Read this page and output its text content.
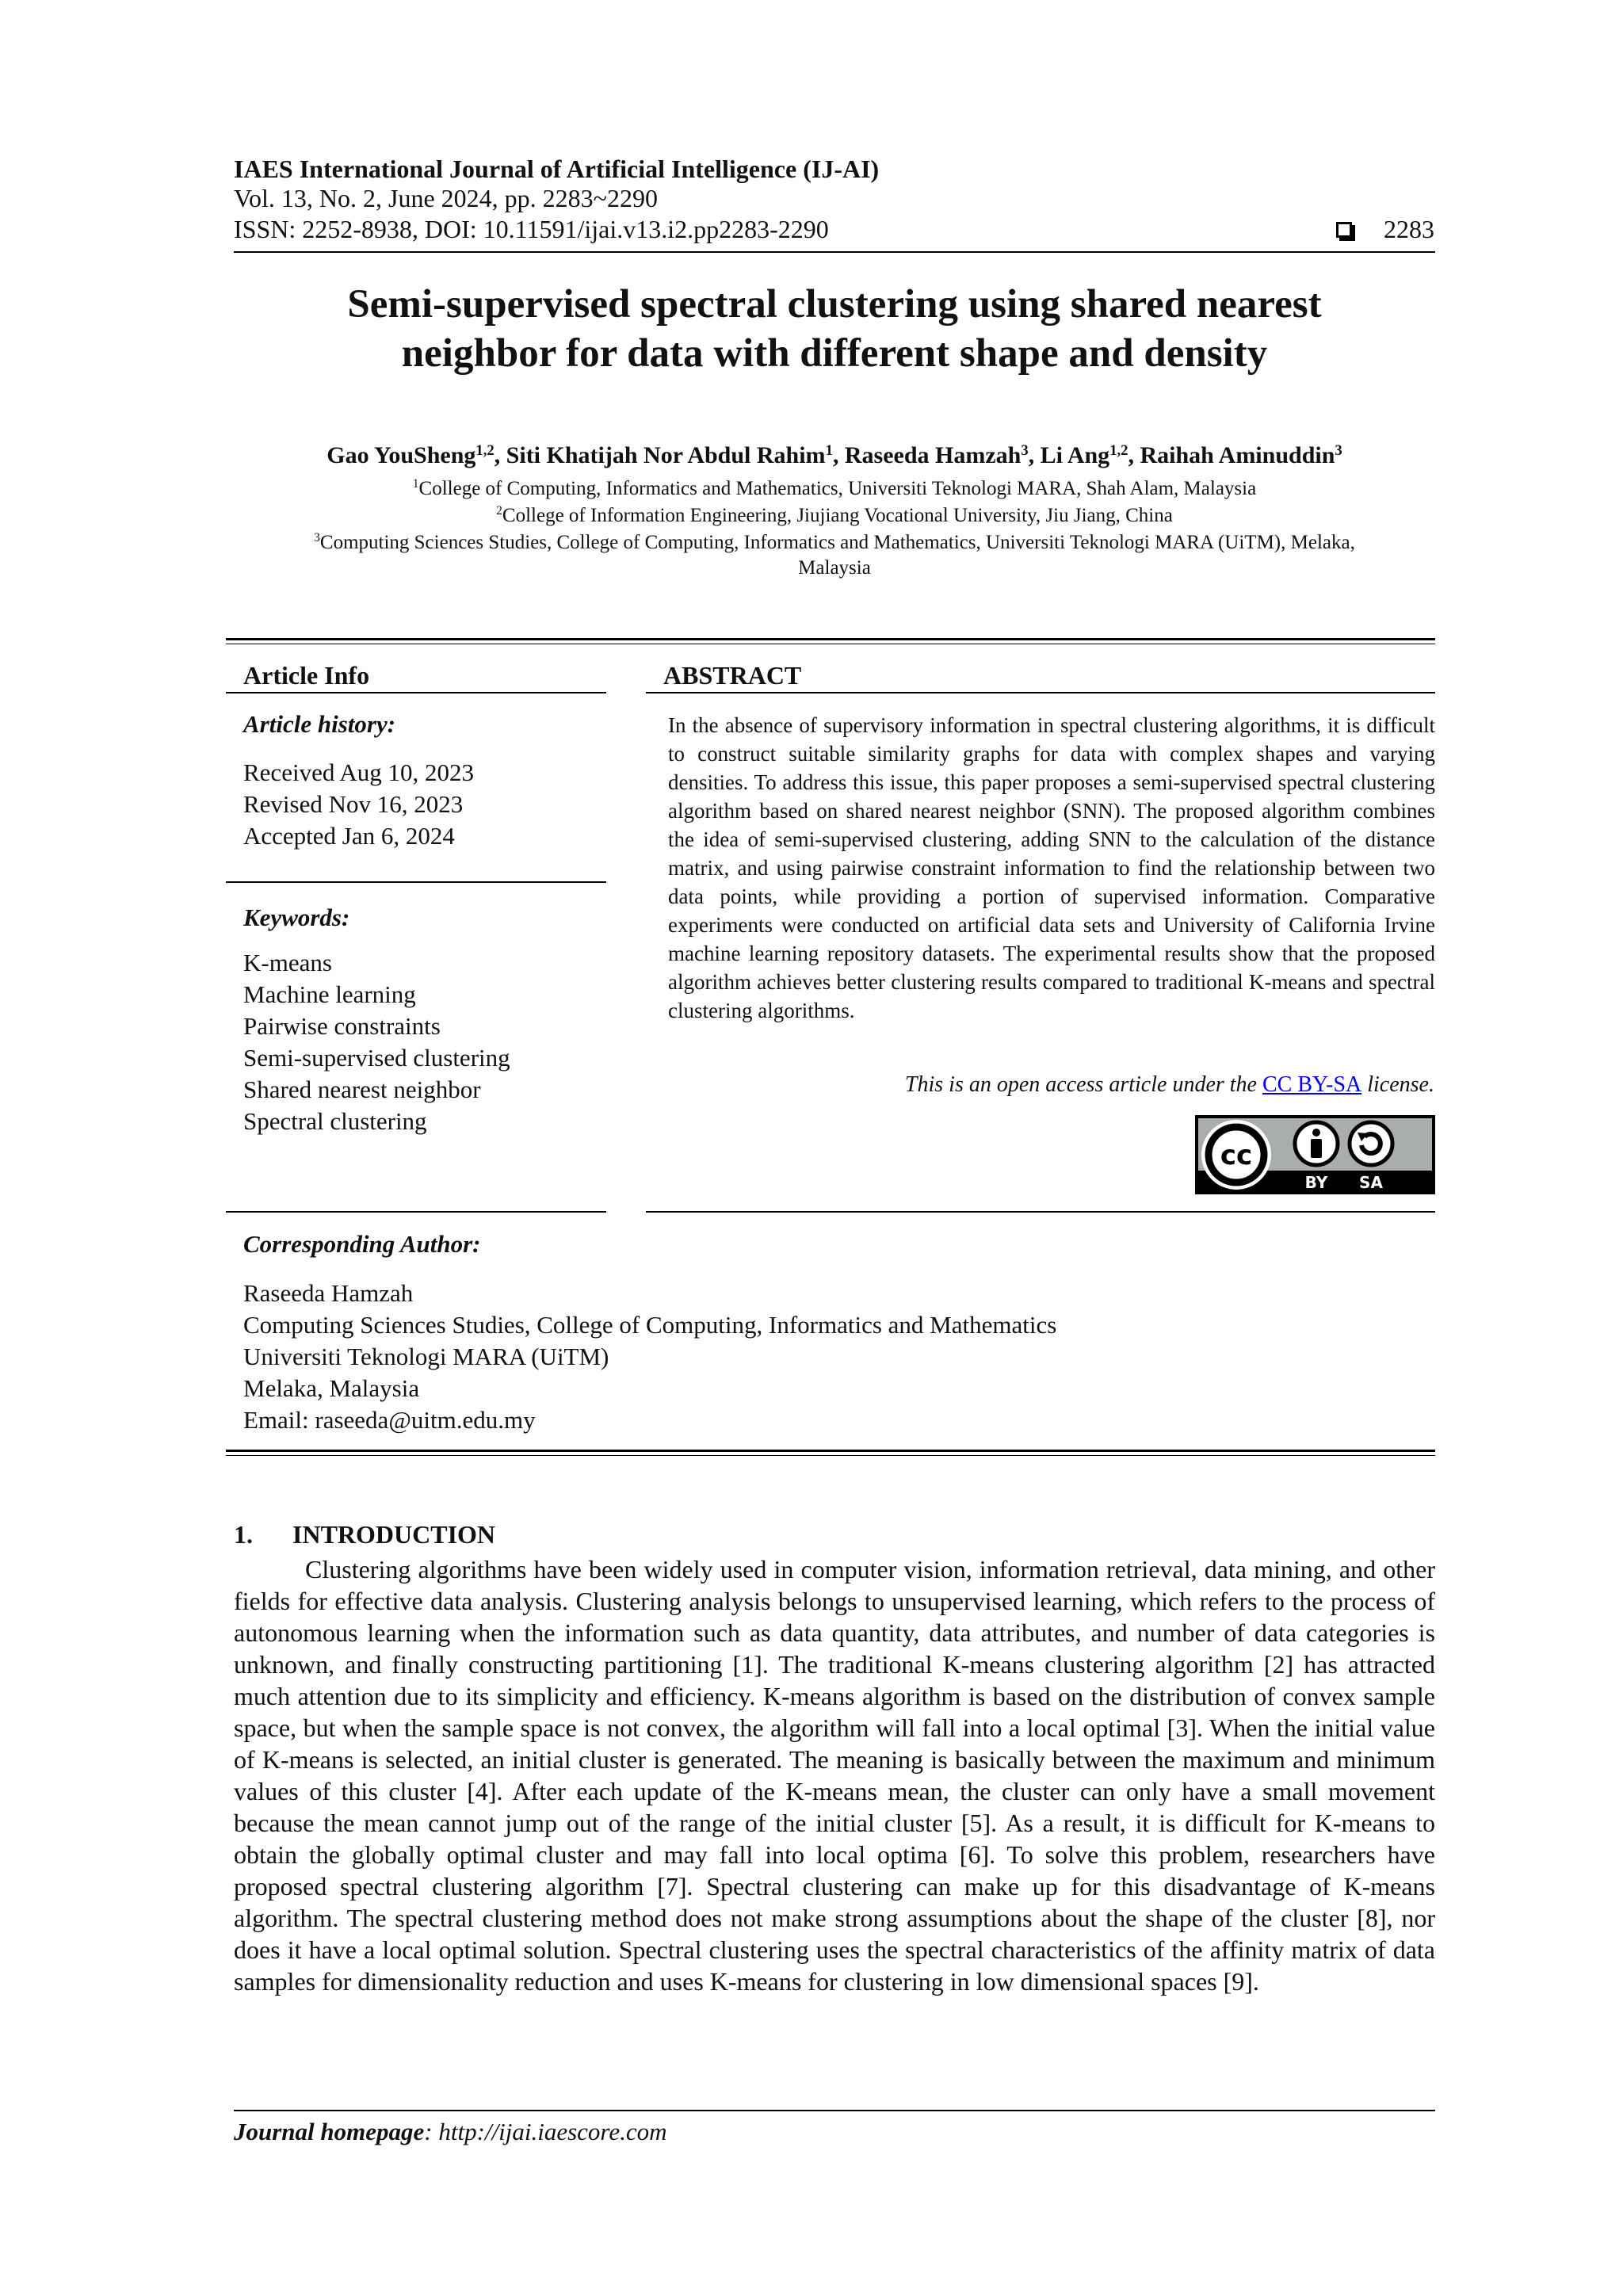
IAES International Journal of Artificial Intelligence (IJ-AI)
Vol. 13, No. 2, June 2024, pp. 2283~2290
ISSN: 2252-8938, DOI: 10.11591/ijai.v13.i2.pp2283-2290	2283
Semi-supervised spectral clustering using shared nearest
neighbor for data with different shape and density
Gao YouSheng$^{1,2}$, Siti Khatijah Nor Abdul Rahim$^1$, Raseeda Hamzah$^3$, Li Ang$^{1,2}$, Raihah Aminuddin$^3$
$^1$College of Computing, Informatics and Mathematics, Universiti Teknologi MARA, Shah Alam, Malaysia
$^2$College of Information Engineering, Jiujiang Vocational University, Jiu Jiang, China
$^3$Computing Sciences Studies, College of Computing, Informatics and Mathematics, Universiti Teknologi MARA (UiTM), Melaka,
Malaysia
Article Info
Article history:
Received Aug 10, 2023
Revised Nov 16, 2023
Accepted Jan 6, 2024
Keywords:
K-means
Machine learning
Pairwise constraints
Semi-supervised clustering
Shared nearest neighbor
Spectral clustering
ABSTRACT
In the absence of supervisory information in spectral clustering algorithms, it is difficult to construct suitable similarity graphs for data with complex shapes and varying densities. To address this issue, this paper proposes a semi-supervised spectral clustering algorithm based on shared nearest neighbor (SNN). The proposed algorithm combines the idea of semi-supervised clustering, adding SNN to the calculation of the distance matrix, and using pairwise constraint information to find the relationship between two data points, while providing a portion of supervised information. Comparative experiments were conducted on artificial data sets and University of California Irvine machine learning repository datasets. The experimental results show that the proposed algorithm achieves better clustering results compared to traditional K-means and spectral clustering algorithms.
This is an open access article under the CC BY-SA license.
cc
BY SA
Corresponding Author:
Raseeda Hamzah
Computing Sciences Studies, College of Computing, Informatics and Mathematics
Universiti Teknologi MARA (UiTM)
Melaka, Malaysia
Email: raseeda@uitm.edu.my
1. INTRODUCTION
Clustering algorithms have been widely used in computer vision, information retrieval, data mining, and other fields for effective data analysis. Clustering analysis belongs to unsupervised learning, which refers to the process of autonomous learning when the information such as data quantity, data attributes, and number of data categories is unknown, and finally constructing partitioning [1]. The traditional K-means clustering algorithm [2] has attracted much attention due to its simplicity and efficiency. K-means algorithm is based on the distribution of convex sample space, but when the sample space is not convex, the algorithm will fall into a local optimal [3]. When the initial value of K-means is selected, an initial cluster is generated. The meaning is basically between the maximum and minimum values of this cluster [4]. After each update of the K-means mean, the cluster can only have a small movement because the mean cannot jump out of the range of the initial cluster [5]. As a result, it is difficult for K-means to obtain the globally optimal cluster and may fall into local optima [6]. To solve this problem, researchers have proposed spectral clustering algorithm [7]. Spectral clustering can make up for this disadvantage of K-means algorithm. The spectral clustering method does not make strong assumptions about the shape of the cluster [8], nor does it have a local optimal solution. Spectral clustering uses the spectral characteristics of the affinity matrix of data samples for dimensionality reduction and uses K-means for clustering in low dimensional spaces [9].
Journal homepage: http://ijai.iaescore.com
